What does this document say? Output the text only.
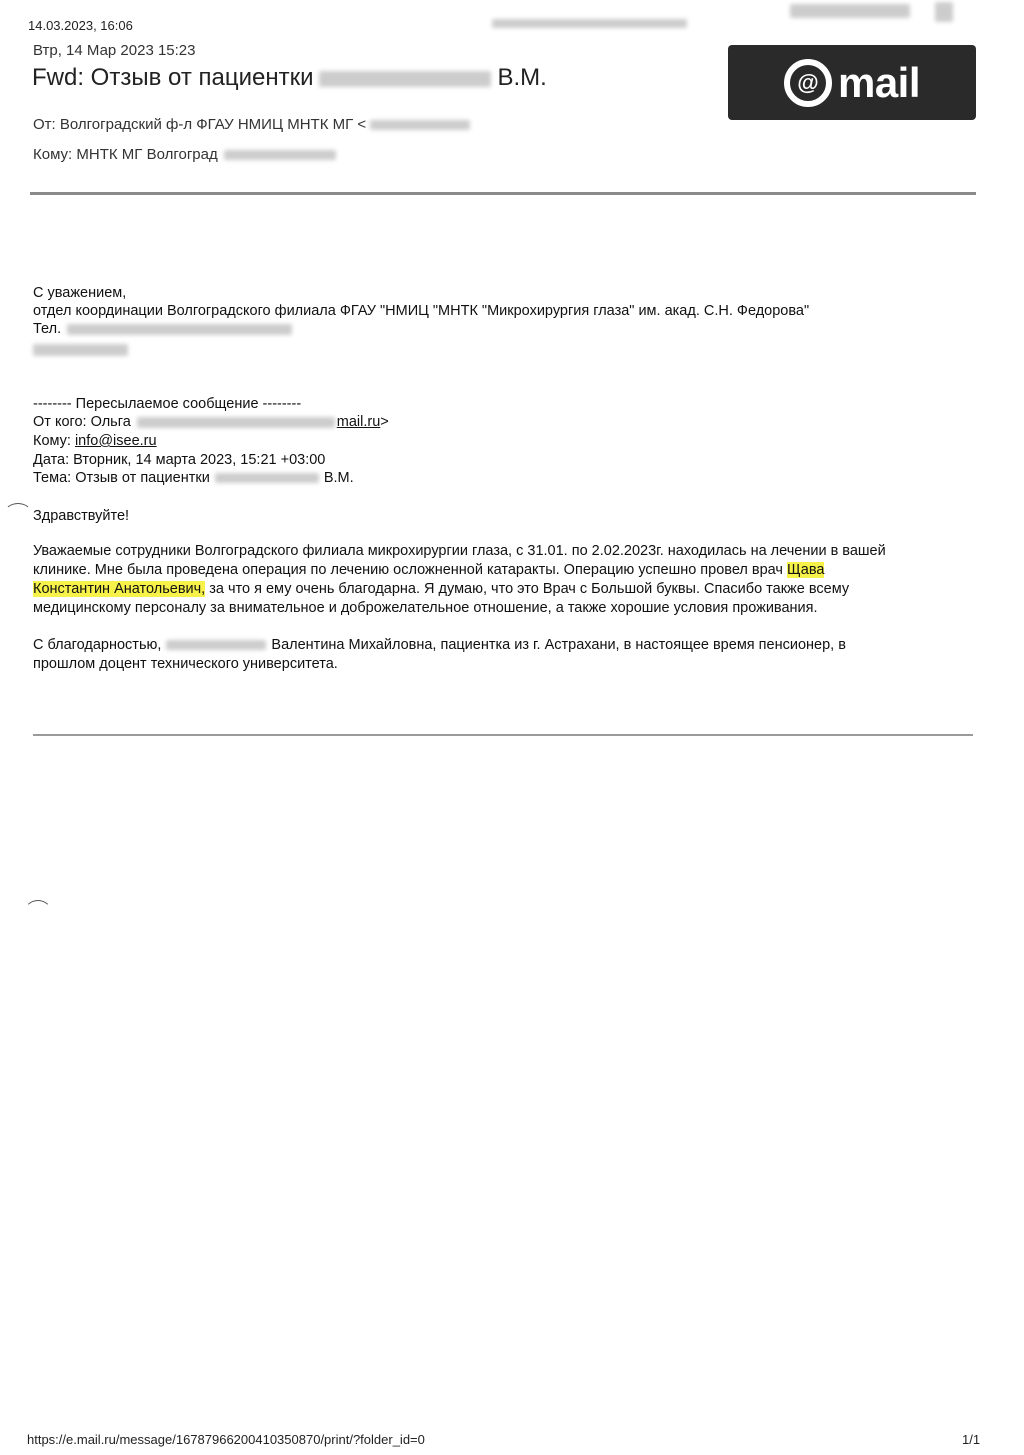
14.03.2023, 16:06
Втр, 14 Мар 2023 15:23
Fwd: Отзыв от пациентки	В.М.	@ mail
От: Волгоградский ф-л ФГАУ НМИЦ МНТК МГ <
Кому: МНТК МГ Волгоград
С уважением,
отдел координации Волгоградского филиала ФГАУ "НМИЦ "МНТК "Микрохирургия глаза" им. акад. С.Н. Федорова"
Тел.
-------- Пересылаемое сообщение --------
От кого: Ольга	mail.ru>
Кому: info@isee.ru
Дата: Вторник, 14 марта 2023, 15:21 +03:00
Тема: Отзыв от пациентки	В.М.
Здравствуйте!
Уважаемые сотрудники Волгоградского филиала микрохирургии глаза, с 31.01. по 2.02.2023г. находилась на лечении в вашей
клинике. Мне была проведена операция по лечению осложненной катаракты. Операцию успешно провел врач Щава
Константин Анатольевич, за что я ему очень благодарна. Я думаю, что это Врач с Большой буквы. Спасибо также всему
медицинскому персоналу за внимательное и доброжелательное отношение, а также хорошие условия проживания.
С благодарностью,	Валентина Михайловна, пациентка из г. Астрахани, в настоящее время пенсионер, в
прошлом доцент технического университета.
https://e.mail.ru/message/16787966200410350870/print/?folder_id=0	1/1
